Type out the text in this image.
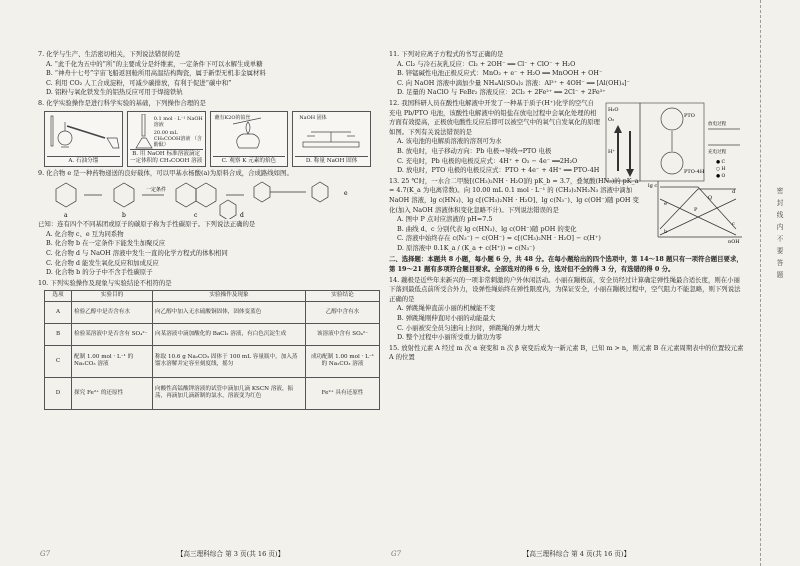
7. 化学与生产、生活密切相关，下列说法错误的是
A. “此千化为五中的”所“的主要成分是纤维素，一定条件下可以水解生成单糖
B. “神舟十七号”宇宙飞船返回舱所用高温结构陶瓷，属于新型无机非金属材料
C. 利用 CO₂ 人工合成淀粉，可减少碳排放，有利于促进“碳中和”
D. 铝粉与氧化铁发生的铝热反应可用于焊接铁轨
8. 化学实验操作是进行科学实验的基础，下列操作合理的是
A. 石油分馏
0.1 mol · L⁻¹ NaOH溶液
20.00 mL CH₃COOH溶液 （含酚酞）
B. 用 NaOH 标准溶液滴定一定体积的 CH₃COOH 溶液
蘸有K2O的铂丝
C. 观察 K 元素的焰色
NaOH 固体
D. 称量 NaOH 固体
9. 化合物 e 是一种药物递送的良好载体，可以甲基水杨酸(a)为原料合成，合成路线如图。
a	b
一定条件
c	d
e
已知：连有四个不同基团或原子的碳原子称为手性碳原子。下列说法正确的是
A. 化合物 c、e 互为同系物
B. 化合物 b 在一定条件下能发生加聚反应
C. 化合物 d 与 NaOH 溶液中发生一直的化学方程式的体积相同
C. 化合物 d 能发生氧化反应和加成反应
D. 化合物 b 的分子中不含手性碳原子
10. 下列实验操作及现象与实验结论不相符的是
选项	实验目的	实验操作及现象	实验结论
A	检验乙醇中是否含有水	向乙醇中加入无水硫酸铜固体，固体变蓝色	乙醇中含有水
B	检验某溶液中是否含有 SO₄²⁻	向某溶液中滴加酸化的 BaCl₂ 溶液，有白色沉淀生成	该溶液中含有 SO₄²⁻
C	配制 1.00 mol · L⁻¹ 的 Na₂CO₃ 溶液	称取 10.6 g Na₂CO₃ 固体于 100 mL 容量瓶中，加入蒸馏水溶解并定容至刻度线，摇匀	成功配制 1.00 mol · L⁻¹ 的 Na₂CO₃ 溶液
D	探究 Fe²⁺ 的还原性	向酸性高锰酸钾溶液的试管中滴加几滴 KSCN 溶液，振荡，再滴加几滴新制的氯水，溶液变为红色	Fe²⁺ 具有还原性
G7	【高三理科综合 第 3 页(共 16 页)】
11. 下列对应离子方程式的书写正确的是
A. Cl₂ 与冷石灰乳反应：Cl₂ + 2OH⁻ ══ Cl⁻ + ClO⁻ + H₂O
B. 锌锰碱性电池正极反应式：MnO₂ + e⁻ + H₂O ══ MnOOH + OH⁻
C. 向 NaOH 溶液中滴加少量 NH₄Al(SO₄)₂ 溶液：Al³⁺ + 4OH⁻ ══ [Al(OH)₄]⁻
D. 足量的 NaClO 与 FeBr₂ 溶液反应：2Cl₂ + 2Fe²⁺ ══ 2Cl⁻ + 2Fe³⁺
H₂O
O₂
H⁺
PTO
PTO-4H
放电过程
充电过程
● C
○ H
● O
12. 我国科研人员在酸性电解液中开发了一种基于质子(H⁺)化学的空气自充电 Pb/PTO 电池，该酸性电解液中的铅盐在放电过程中会氧化处理的相方面有效提高，正极放电酸性反应后即可以被空气中的氧气自发氧化的原理如图。下列有关说法错误的是
A. 该电池的电解质溶液的溶剂可为水
B. 放电时，电子移动方向：Pb 电极→导线→PTO 电极
C. 充电时，Pb 电极的电极反应式：4H⁺ + O₂ − 4e⁻ ══2H₂O
D. 放电时，PTO 电极的电极反应式：PTO + 4e⁻ + 4H⁺ ══ PTO-4H
lg c
pOH
P
Q
c
d
e
b
13. 25 ℃时，一水合二甲胺[(CH₃)₂NH · H₂O]的 pK_b = 3.7，叠氮酸(HN₃)的 pK_a = 4.7(K_a 为电离常数)。向 10.00 mL 0.1 mol · L⁻¹ 的 (CH₃)₂NH₂N₃ 溶液中滴加 NaOH 溶液，lg c(HN₃)、lg c[(CH₃)₂NH · H₂O]、lg c(N₃⁻)、lg c(OH⁻)随 pOH 变化(加入 NaOH 溶液体积变化忽略不计)。下列说法错误的是
A. 图中 P 点对应溶液的 pH=7.5
B. 曲线 d、c 分别代表 lg c(HN₃)、lg c(OH⁻)随 pOH 的变化
C. 溶液中始终存在 c(N₃⁻) − c(OH⁻) = c[(CH₃)₂NH · H₂O] − c(H⁺)
D. 原溶液中 0.1K_a / (K_a + c(H⁺)) = c(N₃⁻)
二、选择题：本题共 8 小题，每小题 6 分，共 48 分。在每小题给出的四个选项中，第 14～18 题只有一项符合题目要求，第 19～21 题有多项符合题目要求。全部选对的得 6 分，选对但不全的得 3 分，有选错的得 0 分。
14. 蹦极是近些年来新兴的一项非常刺激的户外休闲活动。小丽在蹦极前，安全员经过计算确定弹性绳最合适长度，则在小丽下落到最低点前所受合外力，设弹性绳始终在弹性限度内，为保证安全，小丽在蹦极过程中，空气阻力不能忽略，则下列说法正确的是
A. 弹跳绳伸直前小丽的机械能不变
B. 弹跳绳刚伸直时小丽的动能最大
C. 小丽被安全员匀速向上拉时，弹跳绳的弹力增大
D. 整个过程中小丽所受重力做功为零
15. 放射性元素 A 经过 m 次 α 衰变和 n 次 β 衰变后成为一新元素 B，已知 m > n，则元素 B 在元素周期表中的位置较元素 A 的位置
G7	【高三理科综合 第 4 页(共 16 页)】
密 封 线 内 不 要 答 题
